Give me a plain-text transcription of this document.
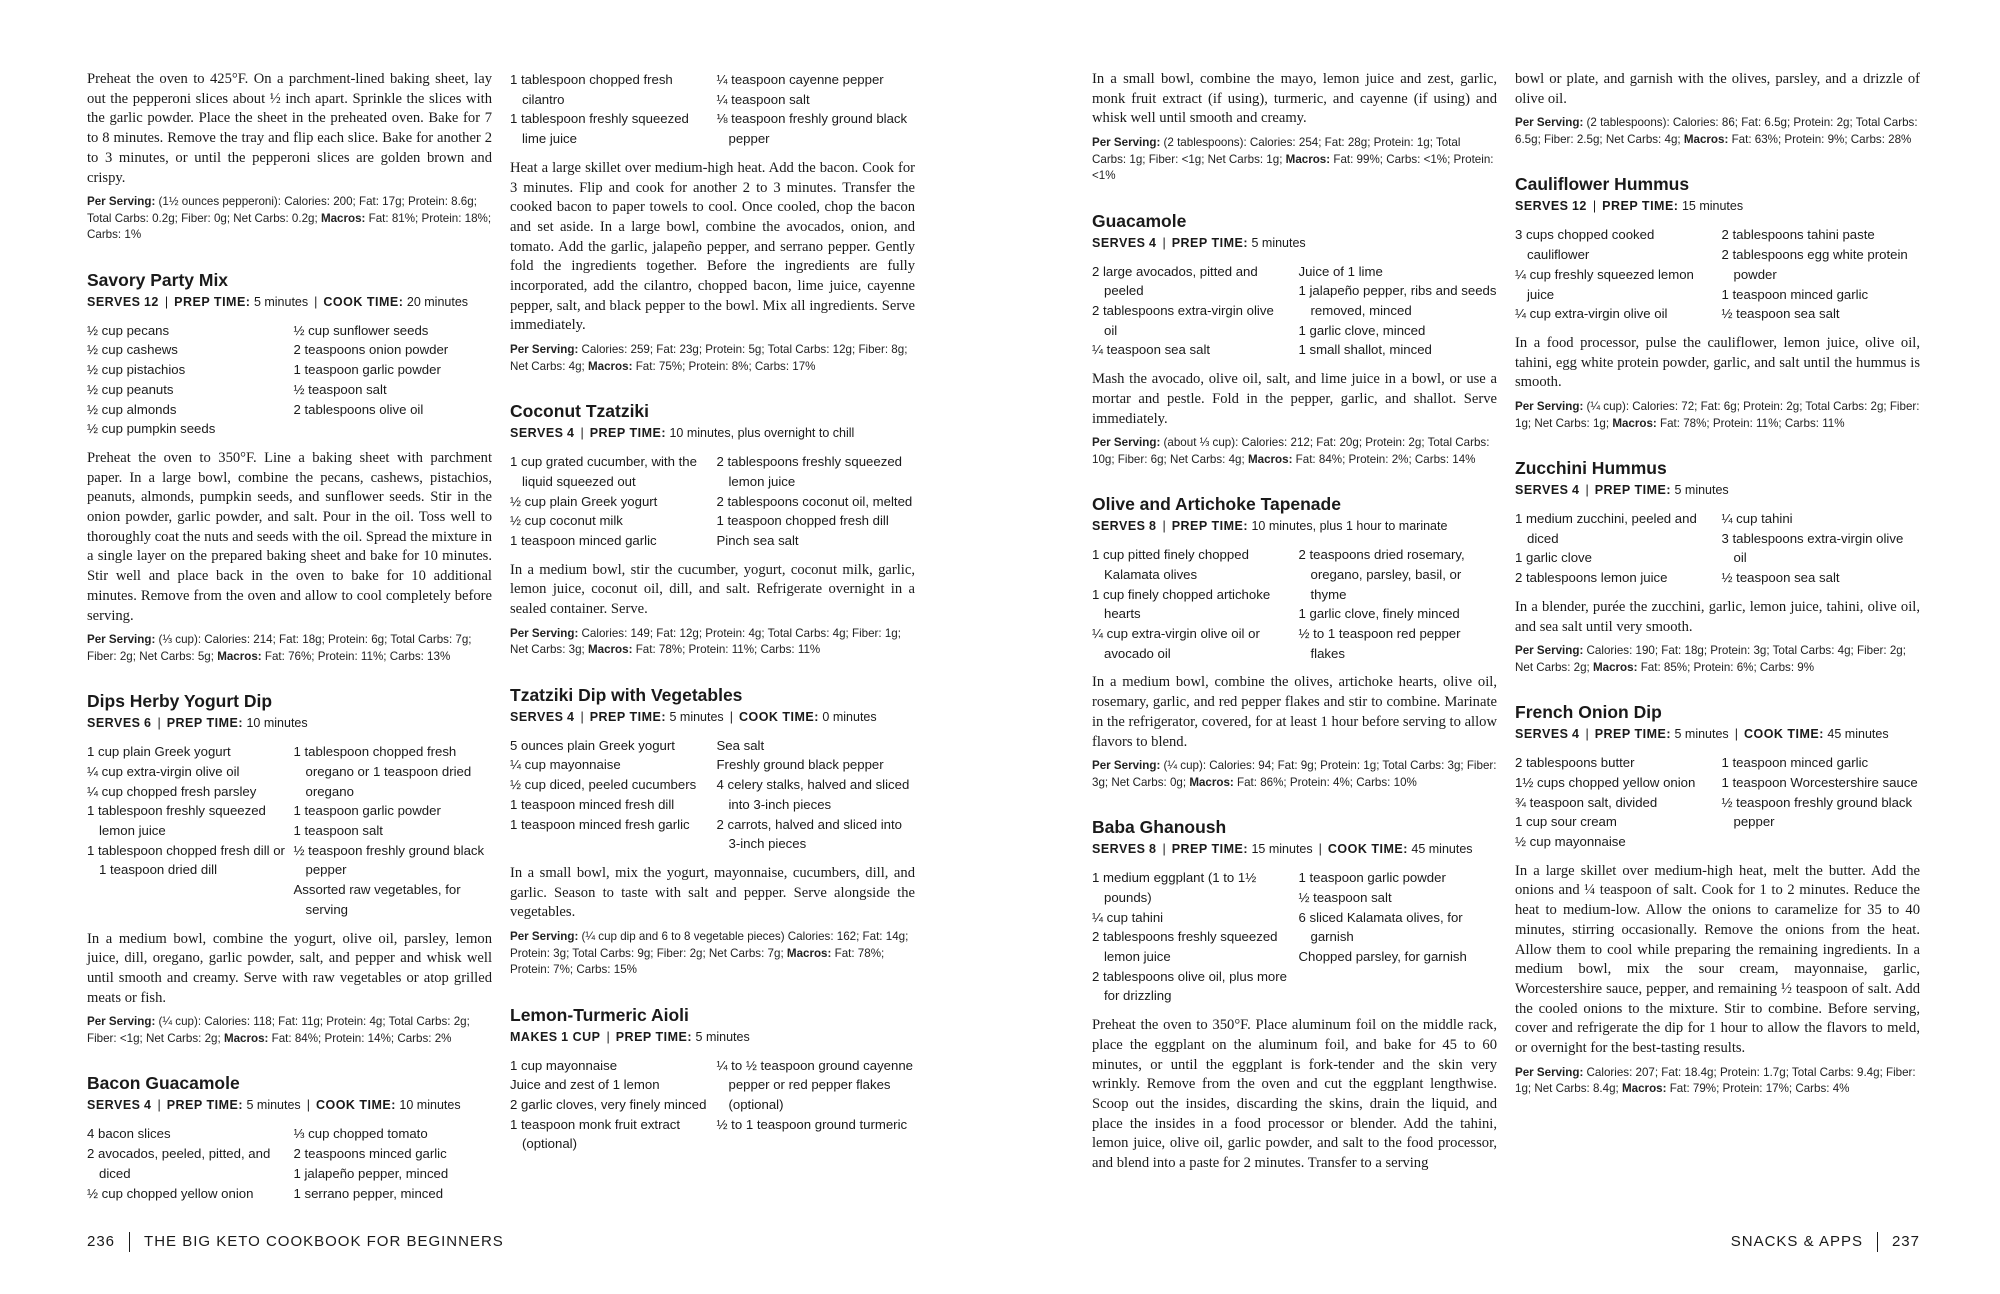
Preheat the oven to 425°F. On a parchment-lined baking sheet, lay out the pepperoni slices about ½ inch apart. Sprinkle the slices with the garlic powder. Place the sheet in the preheated oven. Bake for 7 to 8 minutes. Remove the tray and flip each slice. Bake for another 2 to 3 minutes, or until the pepperoni slices are golden brown and crispy.

Per Serving: (1½ ounces pepperoni): Calories: 200; Fat: 17g; Protein: 8.6g; Total Carbs: 0.2g; Fiber: 0g; Net Carbs: 0.2g; Macros: Fat: 81%; Protein: 18%; Carbs: 1%

Savory Party Mix
SERVES 12 | PREP TIME: 5 minutes | COOK TIME: 20 minutes
½ cup pecans
½ cup cashews
½ cup pistachios
½ cup peanuts
½ cup almonds
½ cup pumpkin seeds
½ cup sunflower seeds
2 teaspoons onion powder
1 teaspoon garlic powder
½ teaspoon salt
2 tablespoons olive oil

Preheat the oven to 350°F. Line a baking sheet with parchment paper. In a large bowl, combine the pecans, cashews, pistachios, peanuts, almonds, pumpkin seeds, and sunflower seeds. Stir in the onion powder, garlic powder, and salt. Pour in the oil. Toss well to thoroughly coat the nuts and seeds with the oil. Spread the mixture in a single layer on the prepared baking sheet and bake for 10 minutes. Stir well and place back in the oven to bake for 10 additional minutes. Remove from the oven and allow to cool completely before serving.

Per Serving: (⅓ cup): Calories: 214; Fat: 18g; Protein: 6g; Total Carbs: 7g; Fiber: 2g; Net Carbs: 5g; Macros: Fat: 76%; Protein: 11%; Carbs: 13%

Dips Herby Yogurt Dip
SERVES 6 | PREP TIME: 10 minutes
1 cup plain Greek yogurt
¼ cup extra-virgin olive oil
¼ cup chopped fresh parsley
1 tablespoon freshly squeezed lemon juice
1 tablespoon chopped fresh dill or 1 teaspoon dried dill
1 tablespoon chopped fresh oregano or 1 teaspoon dried oregano
1 teaspoon garlic powder
1 teaspoon salt
½ teaspoon freshly ground black pepper
Assorted raw vegetables, for serving

In a medium bowl, combine the yogurt, olive oil, parsley, lemon juice, dill, oregano, garlic powder, salt, and pepper and whisk well until smooth and creamy. Serve with raw vegetables or atop grilled meats or fish.

Per Serving: (¼ cup): Calories: 118; Fat: 11g; Protein: 4g; Total Carbs: 2g; Fiber: <1g; Net Carbs: 2g; Macros: Fat: 84%; Protein: 14%; Carbs: 2%

Bacon Guacamole
SERVES 4 | PREP TIME: 5 minutes | COOK TIME: 10 minutes
4 bacon slices
2 avocados, peeled, pitted, and diced
½ cup chopped yellow onion
⅓ cup chopped tomato
2 teaspoons minced garlic
1 jalapeño pepper, minced
1 serrano pepper, minced
1 tablespoon chopped fresh cilantro
1 tablespoon freshly squeezed lime juice
¼ teaspoon cayenne pepper
¼ teaspoon salt
⅛ teaspoon freshly ground black pepper

Heat a large skillet over medium-high heat. Add the bacon. Cook for 3 minutes. Flip and cook for another 2 to 3 minutes. Transfer the cooked bacon to paper towels to cool. Once cooled, chop the bacon and set aside. In a large bowl, combine the avocados, onion, and tomato. Add the garlic, jalapeño pepper, and serrano pepper. Gently fold the ingredients together. Before the ingredients are fully incorporated, add the cilantro, chopped bacon, lime juice, cayenne pepper, salt, and black pepper to the bowl. Mix all ingredients. Serve immediately.

Per Serving: Calories: 259; Fat: 23g; Protein: 5g; Total Carbs: 12g; Fiber: 8g; Net Carbs: 4g; Macros: Fat: 75%; Protein: 8%; Carbs: 17%

Coconut Tzatziki
SERVES 4 | PREP TIME: 10 minutes, plus overnight to chill
1 cup grated cucumber, with the liquid squeezed out
½ cup plain Greek yogurt
½ cup coconut milk
1 teaspoon minced garlic
2 tablespoons freshly squeezed lemon juice
2 tablespoons coconut oil, melted
1 teaspoon chopped fresh dill
Pinch sea salt

In a medium bowl, stir the cucumber, yogurt, coconut milk, garlic, lemon juice, coconut oil, dill, and salt. Refrigerate overnight in a sealed container. Serve.

Per Serving: Calories: 149; Fat: 12g; Protein: 4g; Total Carbs: 4g; Fiber: 1g; Net Carbs: 3g; Macros: Fat: 78%; Protein: 11%; Carbs: 11%

Tzatziki Dip with Vegetables
SERVES 4 | PREP TIME: 5 minutes | COOK TIME: 0 minutes
5 ounces plain Greek yogurt
¼ cup mayonnaise
½ cup diced, peeled cucumbers
1 teaspoon minced fresh dill
1 teaspoon minced fresh garlic
Sea salt
Freshly ground black pepper
4 celery stalks, halved and sliced into 3-inch pieces
2 carrots, halved and sliced into 3-inch pieces

In a small bowl, mix the yogurt, mayonnaise, cucumbers, dill, and garlic. Season to taste with salt and pepper. Serve alongside the vegetables.

Per Serving: (¼ cup dip and 6 to 8 vegetable pieces) Calories: 162; Fat: 14g; Protein: 3g; Total Carbs: 9g; Fiber: 2g; Net Carbs: 7g; Macros: Fat: 78%; Protein: 7%; Carbs: 15%

Lemon-Turmeric Aioli
MAKES 1 CUP | PREP TIME: 5 minutes
1 cup mayonnaise
Juice and zest of 1 lemon
2 garlic cloves, very finely minced
1 teaspoon monk fruit extract (optional)
¼ to ½ teaspoon ground cayenne pepper or red pepper flakes (optional)
½ to 1 teaspoon ground turmeric

In a small bowl, combine the mayo, lemon juice and zest, garlic, monk fruit extract (if using), turmeric, and cayenne (if using) and whisk well until smooth and creamy.

Per Serving: (2 tablespoons): Calories: 254; Fat: 28g; Protein: 1g; Total Carbs: 1g; Fiber: <1g; Net Carbs: 1g; Macros: Fat: 99%; Carbs: <1%; Protein: <1%

Guacamole
SERVES 4 | PREP TIME: 5 minutes
2 large avocados, pitted and peeled
2 tablespoons extra-virgin olive oil
¼ teaspoon sea salt
Juice of 1 lime
1 jalapeño pepper, ribs and seeds removed, minced
1 garlic clove, minced
1 small shallot, minced

Mash the avocado, olive oil, salt, and lime juice in a bowl, or use a mortar and pestle. Fold in the pepper, garlic, and shallot. Serve immediately.

Per Serving: (about ⅓ cup): Calories: 212; Fat: 20g; Protein: 2g; Total Carbs: 10g; Fiber: 6g; Net Carbs: 4g; Macros: Fat: 84%; Protein: 2%; Carbs: 14%

Olive and Artichoke Tapenade
SERVES 8 | PREP TIME: 10 minutes, plus 1 hour to marinate
1 cup pitted finely chopped Kalamata olives
1 cup finely chopped artichoke hearts
¼ cup extra-virgin olive oil or avocado oil
2 teaspoons dried rosemary, oregano, parsley, basil, or thyme
1 garlic clove, finely minced
½ to 1 teaspoon red pepper flakes

In a medium bowl, combine the olives, artichoke hearts, olive oil, rosemary, garlic, and red pepper flakes and stir to combine. Marinate in the refrigerator, covered, for at least 1 hour before serving to allow flavors to blend.

Per Serving: (¼ cup): Calories: 94; Fat: 9g; Protein: 1g; Total Carbs: 3g; Fiber: 3g; Net Carbs: 0g; Macros: Fat: 86%; Protein: 4%; Carbs: 10%

Baba Ghanoush
SERVES 8 | PREP TIME: 15 minutes | COOK TIME: 45 minutes
1 medium eggplant (1 to 1½ pounds)
¼ cup tahini
2 tablespoons freshly squeezed lemon juice
2 tablespoons olive oil, plus more for drizzling
1 teaspoon garlic powder
½ teaspoon salt
6 sliced Kalamata olives, for garnish
Chopped parsley, for garnish

Preheat the oven to 350°F. Place aluminum foil on the middle rack, place the eggplant on the aluminum foil, and bake for 45 to 60 minutes, or until the eggplant is fork-tender and the skin very wrinkly. Remove from the oven and cut the eggplant lengthwise. Scoop out the insides, discarding the skins, drain the liquid, and place the insides in a food processor or blender. Add the tahini, lemon juice, olive oil, garlic powder, and salt to the food processor, and blend into a paste for 2 minutes. Transfer to a serving

bowl or plate, and garnish with the olives, parsley, and a drizzle of olive oil.

Per Serving: (2 tablespoons): Calories: 86; Fat: 6.5g; Protein: 2g; Total Carbs: 6.5g; Fiber: 2.5g; Net Carbs: 4g; Macros: Fat: 63%; Protein: 9%; Carbs: 28%

Cauliflower Hummus
SERVES 12 | PREP TIME: 15 minutes
3 cups chopped cooked cauliflower
¼ cup freshly squeezed lemon juice
¼ cup extra-virgin olive oil
2 tablespoons tahini paste
2 tablespoons egg white protein powder
1 teaspoon minced garlic
½ teaspoon sea salt

In a food processor, pulse the cauliflower, lemon juice, olive oil, tahini, egg white protein powder, garlic, and salt until the hummus is smooth.

Per Serving: (¼ cup): Calories: 72; Fat: 6g; Protein: 2g; Total Carbs: 2g; Fiber: 1g; Net Carbs: 1g; Macros: Fat: 78%; Protein: 11%; Carbs: 11%

Zucchini Hummus
SERVES 4 | PREP TIME: 5 minutes
1 medium zucchini, peeled and diced
1 garlic clove
2 tablespoons lemon juice
¼ cup tahini
3 tablespoons extra-virgin olive oil
½ teaspoon sea salt

In a blender, purée the zucchini, garlic, lemon juice, tahini, olive oil, and sea salt until very smooth.

Per Serving: Calories: 190; Fat: 18g; Protein: 3g; Total Carbs: 4g; Fiber: 2g; Net Carbs: 2g; Macros: Fat: 85%; Protein: 6%; Carbs: 9%

French Onion Dip
SERVES 4 | PREP TIME: 5 minutes | COOK TIME: 45 minutes
2 tablespoons butter
1½ cups chopped yellow onion
¾ teaspoon salt, divided
1 cup sour cream
½ cup mayonnaise
1 teaspoon minced garlic
1 teaspoon Worcestershire sauce
½ teaspoon freshly ground black pepper

In a large skillet over medium-high heat, melt the butter. Add the onions and ¼ teaspoon of salt. Cook for 1 to 2 minutes. Reduce the heat to medium-low. Allow the onions to caramelize for 35 to 40 minutes, stirring occasionally. Remove the onions from the heat. Allow them to cool while preparing the remaining ingredients. In a medium bowl, mix the sour cream, mayonnaise, garlic, Worcestershire sauce, pepper, and remaining ½ teaspoon of salt. Add the cooled onions to the mixture. Stir to combine. Before serving, cover and refrigerate the dip for 1 hour to allow the flavors to meld, or overnight for the best-tasting results.

Per Serving: Calories: 207; Fat: 18.4g; Protein: 1.7g; Total Carbs: 9.4g; Fiber: 1g; Net Carbs: 8.4g; Macros: Fat: 79%; Protein: 17%; Carbs: 4%

236 THE BIG KETO COOKBOOK FOR BEGINNERS	SNACKS & APPS 237
